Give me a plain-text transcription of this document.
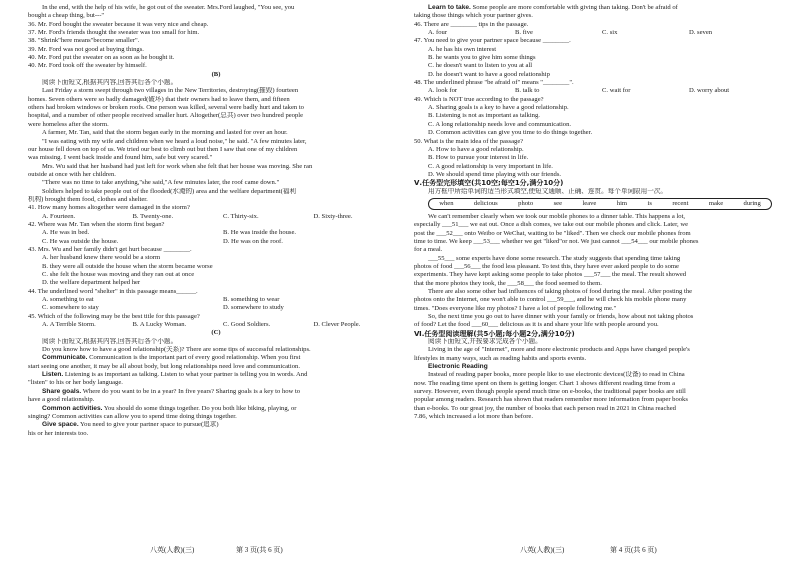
In the end, with the help of his wife, he got out of the sweater. Mrs.Ford laughed, "You see, you
bought a cheap thing, but---"
36. Mr. Ford bought the sweater because it was very nice and cheap.
37. Mr. Ford's friends thought the sweater was too small for him.
38. "Shrink"here means"become smaller".
39. Mr. Ford was not good at buying things.
40. Mr. Ford put the sweater on as soon as he bought it.
40. Mr. Ford took off the sweater by himself.
(B)
阅读下面短文,根据其内容,回答其后各个小题。
Last Friday a storm swept through two villages in the New Territories, destroying(摧毁) fourteen
homes. Seven others were so badly damaged(破坏) that their owners had to leave them, and fifteen
others had broken windows or broken roofs. One person was killed, several were badly hurt and taken to
hospital, and a number of other people received smaller hurt. Altogether(总共) over two hundred people
were homeless after the storm.
A farmer, Mr. Tan, said that the storm began early in the morning and lasted for over an hour.
"I was eating with my wife and children when we heard a loud noise," he said. "A few minutes later,
our house fell down on top of us. We tried our best to climb out but then I saw that one of my children
was missing. I went back inside and found him, safe but very scared."
Mrs. Wu said that her husband had just left for work when she felt that her house was moving. She ran
outside at once with her children.
"There was no time to take anything,"she said,"A few minutes later, the roof came down."
Soldiers helped to take people out of the flooded(水淹的) area and the welfare department(福利
机构) brought them food, clothes and shelter.
41. How many homes altogether were damaged in the storm?
A. Fourteen.	B. Twenty-one.	C. Thirty-six.	D. Sixty-three.
42. Where was Mr. Tan when the storm first began?
A. He was in bed.	B. He was inside the house.
C. He was outside the house.	D. He was on the roof.
43. Mrs. Wu and her family didn't get hurt because ________.
A. her husband knew there would be a storm
B. they were all outside the house when the storm became worse
C. she felt the house was moving and they ran out at once
D. the welfare department helped her
44. The underlined word "shelter" in this passage means______.
A. something to eat	B. something to wear
C. somewhere to stay	D. somewhere to study
45. Which of the following may be the best title for this passage?
A. A Terrible Storm.	B. A Lucky Woman.	C. Good Soldiers.	D. Clever People.
(C)
阅读下面短文,根据其内容,回答其后各个小题。
Do you know how to have a good relationship(关系)? There are some tips of successful relationships.
Communicate. Communication is the important part of every good relationship. When you first
start seeing one another, it may be all about body, but long relationships need love and communication.
Listen. Listening is as important as talking. Listen to what your partner is telling you in words. And
"listen" to his or her body language.
Share goals. Where do you want to be in a year? In five years? Sharing goals is a key to how to
have a good relationship.
Common activities. You should do some things together. Do you both like biking, playing, or
singing? Common activities can allow you to spend time doing things together.
Give space. You need to give your partner space to pursue(追求)
his or her interests too.
Learn to take. Some people are more comfortable with giving than taking. Don't be afraid of
taking those things which your partner gives.
46. There are ________ tips in the passage.
A. four	B. five	C. six	D. seven
47. You need to give your partner space because ________.
A. he has his own interest
B. he wants you to give him some things
C. he doesn't want to listen to you at all
D. he doesn't want to have a good relationship
48. The underlined phrase "be afraid of" means "________".
A. look for	B. talk to	C. wait for	D. worry about
49. Which is NOT true according to the passage?
A. Sharing goals is a key to have a good relationship.
B. Listening is not as important as talking.
C. A long relationship needs love and communication.
D. Common activities can give you time to do things together.
50. What is the main idea of the passage?
A. How to have a good relationship.
B. How to pursue your interest in life.
C. A good relationship is very important in life.
D. We should spend time playing with our friends.
Ⅴ.任务型完形填空(共10空;每空1分,满分10分)
用方框中所给单词的适当形式填空,使短文通顺、正确、连贯。每个单词限用一次。
when	delicious	photo	see	leave	him	is	recent	make	during
We can't remember clearly when we took our mobile phones to a dinner table. This happens a lot,
especially ___51___ we eat out. Once a dish comes, we take out our mobile phones and click. Later, we
post the ___52___ onto Weibo or WeChat, waiting to be "liked". Then we check our mobile phones from
time to time. We keep ___53___ whether we get "liked"or not. We just cannot ___54___ our mobile phones
for a meal.
___55___ some experts have done some research. The study suggests that spending time taking
photos of food ___56___ the food less pleasant. To test this, they have ever asked people to do some
experiments. They have kept asking some people to take photos ___57___ the meal. The result showed
that the more photos they took, the ___58___ the food seemed to them.
There are also some other bad influences of taking photos of food during the meal. After posting the
photos onto the Internet, one won't able to control ___59___, and he will check his mobile phone many
times. "Does everyone like my photos? I have a lot of people following me."
So, the next time you go out to have dinner with your family or friends, how about not taking photos
of food? Let the food ___60___ delicious as it is and share your life with people around you.
Ⅵ.任务型阅读理解(共5小题;每小题2分,满分10分)
阅读下面短文,并按要求完成各个小题。
Living in the age of "Internet", more and more electronic products and Apps have changed people's
lifestyles in many ways, such as reading habits and sports events.
Electronic Reading
Instead of reading paper books, more people like to use electronic devices(设备) to read in China
now. The reading time spent on them is getting longer. Chart 1 shows different reading time from a
survey. However, even though people spend much time on e-books, the traditional paper books are still
popular among readers. Research has shown that readers remember more information from paper books
than e-books. To our great joy, the number of books that each person read in 2021 in China reached
7.86, which increased a lot more than before.
八英(人教)(三)	第 3 页(共 6 页)	八英(人教)(三)	第 4 页(共 6 页)
